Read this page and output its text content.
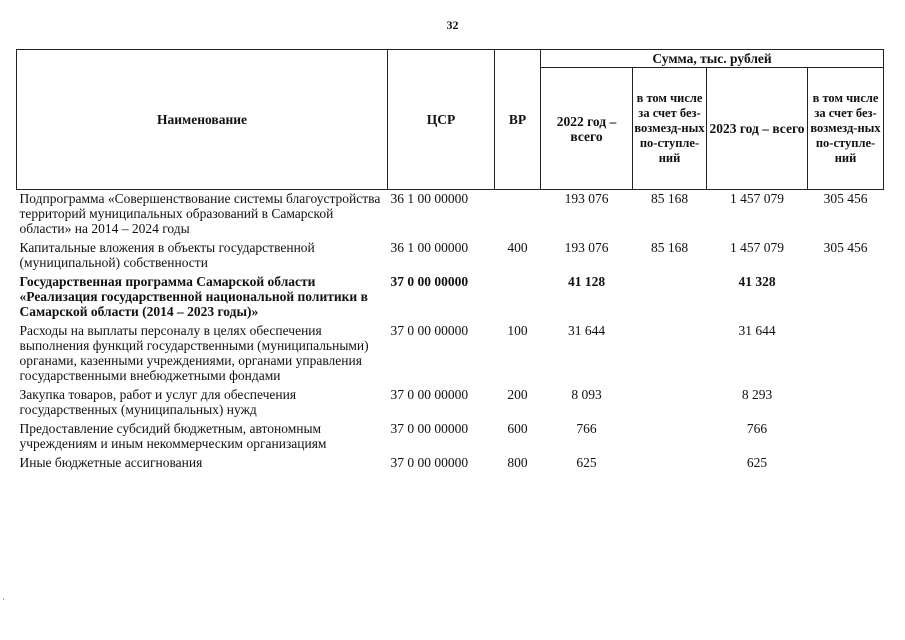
32
Наименование	ЦСР	ВР	Сумма, тыс. рублей			
			2022 год – всего	в том числе за счет без-возмезд-ных по-ступле-ний	2023 год – всего	в том числе за счет без-возмезд-ных по-ступле-ний
Подпрограмма «Совершенствование системы благоустройства территорий муниципальных образований в Самарской области» на 2014 – 2024 годы	36 1 00 00000		193 076	85 168	1 457 079	305 456
Капитальные вложения в объекты государственной (муниципальной) собственности	36 1 00 00000	400	193 076	85 168	1 457 079	305 456
Государственная программа Самарской области «Реализация государственной национальной политики в Самарской области (2014 – 2023 годы)»	37 0 00 00000		41 128		41 328	
Расходы на выплаты персоналу в целях обеспечения выполнения функций государственными (муниципальными) органами, казенными учреждениями, органами управления государственными внебюджетными фондами	37 0 00 00000	100	31 644		31 644	
Закупка товаров, работ и услуг для обеспечения государственных (муниципальных) нужд	37 0 00 00000	200	8 093		8 293	
Предоставление субсидий бюджетным, автономным учреждениям и иным некоммерческим организациям	37 0 00 00000	600	766		766	
Иные бюджетные ассигнования	37 0 00 00000	800	625		625	
·
